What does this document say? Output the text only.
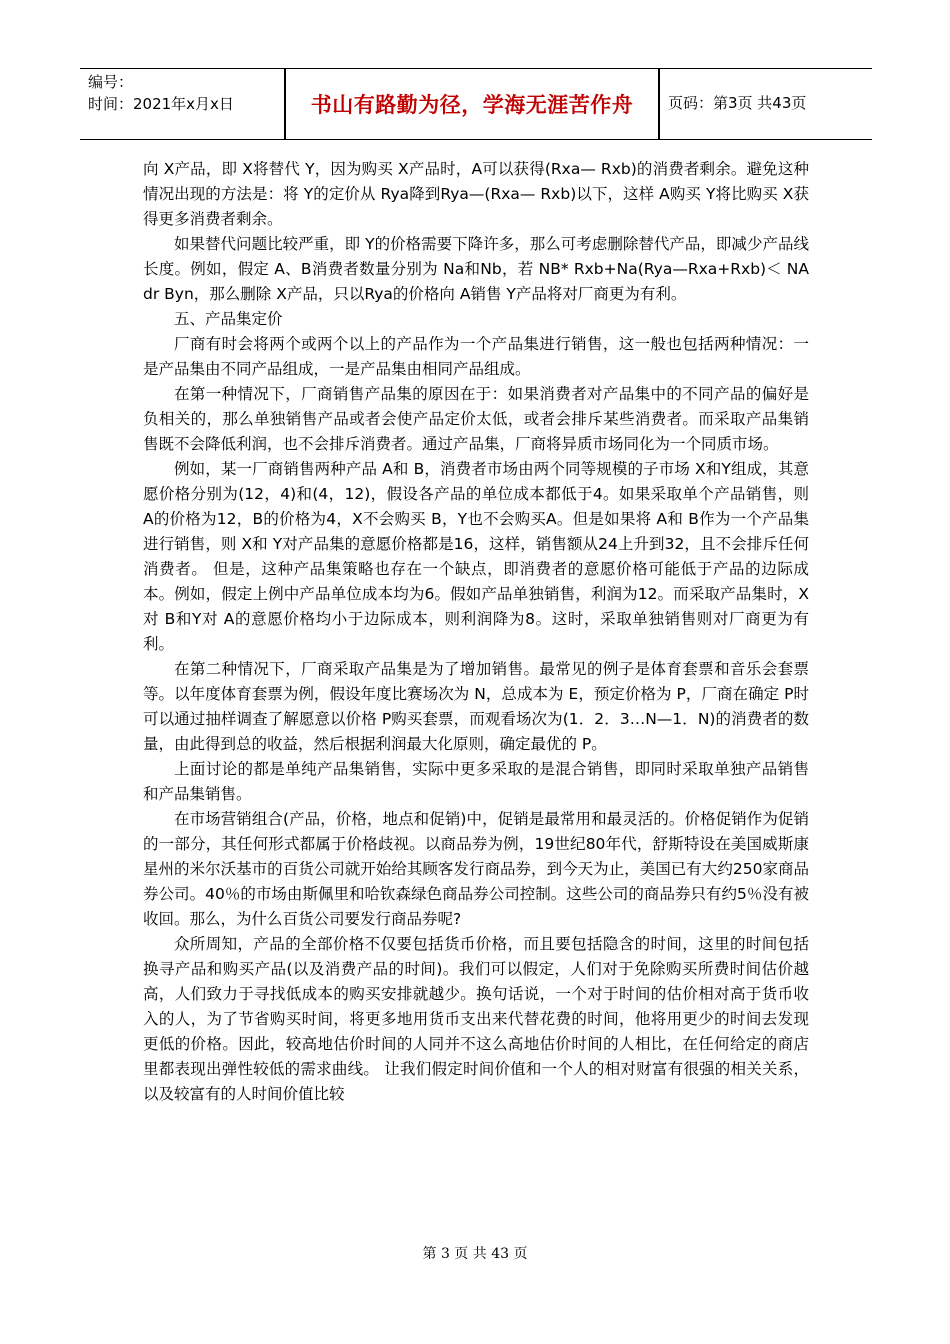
编号：
时间：2021年x月x日	书山有路勤为径，学海无涯苦作舟	页码：第3页 共43页

向 X产品，即 X将替代 Y，因为购买 X产品时，A可以获得(Rxa— Rxb)的消费者剩余。避免这种情况出现的方法是：将 Y的定价从 Rya降到Rya—(Rxa— Rxb)以下，这样 A购买 Y将比购买 X获得更多消费者剩余。

如果替代问题比较严重，即 Y的价格需要下降许多，那么可考虑删除替代产品，即减少产品线长度。例如，假定 A、B消费者数量分别为 Na和Nb，若 NB* Rxb+Na(Rya—Rxa+Rxb)＜ NA dr Byn，那么删除 X产品，只以Rya的价格向 A销售 Y产品将对厂商更为有利。

五、产品集定价

厂商有时会将两个或两个以上的产品作为一个产品集进行销售，这一般也包括两种情况：一是产品集由不同产品组成，一是产品集由相同产品组成。

在第一种情况下，厂商销售产品集的原因在于：如果消费者对产品集中的不同产品的偏好是负相关的，那么单独销售产品或者会使产品定价太低，或者会排斥某些消费者。而采取产品集销售既不会降低利润，也不会排斥消费者。通过产品集，厂商将异质市场同化为一个同质市场。

例如，某一厂商销售两种产品 A和 B，消费者市场由两个同等规模的子市场 X和Y组成，其意愿价格分别为(12，4)和(4，12)，假设各产品的单位成本都低于4。如果采取单个产品销售，则 A的价格为12，B的价格为4，X不会购买 B，Y也不会购买A。但是如果将 A和 B作为一个产品集进行销售，则 X和 Y对产品集的意愿价格都是16，这样，销售额从24上升到32，且不会排斥任何消费者。 但是，这种产品集策略也存在一个缺点，即消费者的意愿价格可能低于产品的边际成本。例如，假定上例中产品单位成本均为6。假如产品单独销售，利润为12。而采取产品集时，X对 B和Y对 A的意愿价格均小于边际成本，则利润降为8。这时，采取单独销售则对厂商更为有利。

在第二种情况下，厂商采取产品集是为了增加销售。最常见的例子是体育套票和音乐会套票等。以年度体育套票为例，假设年度比赛场次为 N，总成本为 E，预定价格为 P，厂商在确定 P时可以通过抽样调查了解愿意以价格 P购买套票，而观看场次为(1．2．3…N—1．N)的消费者的数量，由此得到总的收益，然后根据利润最大化原则，确定最优的 P。

上面讨论的都是单纯产品集销售，实际中更多采取的是混合销售，即同时采取单独产品销售和产品集销售。

在市场营销组合(产品，价格，地点和促销)中，促销是最常用和最灵活的。价格促销作为促销的一部分，其任何形式都属于价格歧视。以商品券为例，19世纪80年代，舒斯特设在美国威斯康星州的米尔沃基市的百货公司就开始给其顾客发行商品券，到今天为止，美国已有大约250家商品券公司。40％的市场由斯佩里和哈钦森绿色商品券公司控制。这些公司的商品券只有约5％没有被收回。那么，为什么百货公司要发行商品券呢?

众所周知，产品的全部价格不仅要包括货币价格，而且要包括隐含的时间，这里的时间包括换寻产品和购买产品(以及消费产品的时间)。我们可以假定，人们对于免除购买所费时间估价越高，人们致力于寻找低成本的购买安排就越少。换句话说，一个对于时间的估价相对高于货币收入的人，为了节省购买时间，将更多地用货币支出来代替花费的时间，他将用更少的时间去发现更低的价格。因此，较高地估价时间的人同并不这么高地估价时间的人相比，在任何给定的商店里都表现出弹性较低的需求曲线。 让我们假定时间价值和一个人的相对财富有很强的相关关系，以及较富有的人时间价值比较

第 3 页 共 43 页
